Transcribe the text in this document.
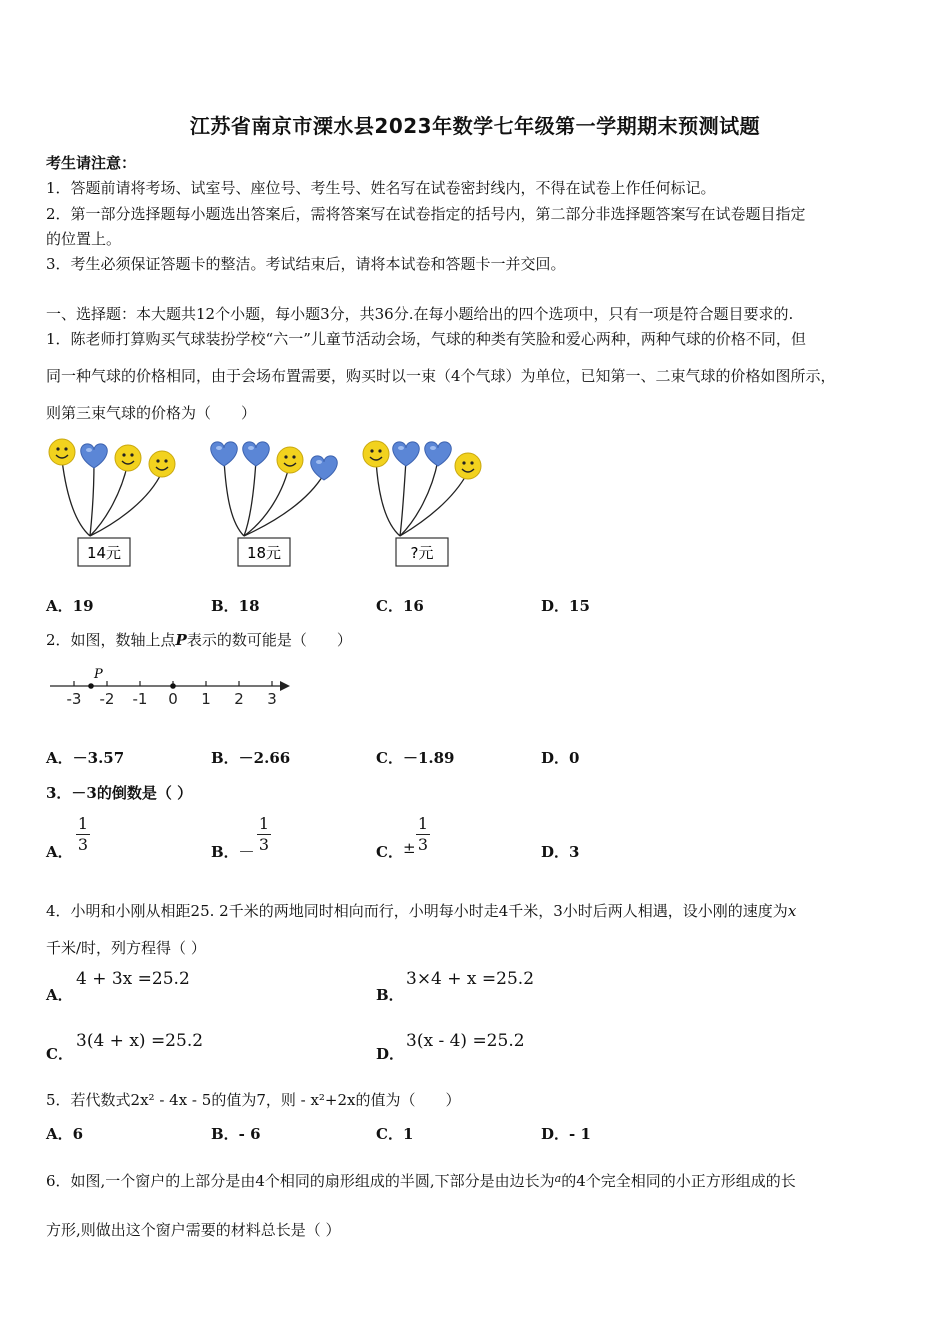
江苏省南京市溧水县2023年数学七年级第一学期期末预测试题
考生请注意：
1．答题前请将考场、试室号、座位号、考生号、姓名写在试卷密封线内，不得在试卷上作任何标记。
2．第一部分选择题每小题选出答案后，需将答案写在试卷指定的括号内，第二部分非选择题答案写在试卷题目指定
的位置上。
3．考生必须保证答题卡的整洁。考试结束后，请将本试卷和答题卡一并交回。
一、选择题：本大题共12个小题，每小题3分，共36分.在每小题给出的四个选项中，只有一项是符合题目要求的.
1．陈老师打算购买气球装扮学校“六一”儿童节活动会场，气球的种类有笑脸和爱心两种，两种气球的价格不同，但
同一种气球的价格相同，由于会场布置需要，购买时以一束（4个气球）为单位，已知第一、二束气球的价格如图所示，
则第三束气球的价格为（　　）
14元	18元	?元
A．19	B．18	C．16	D．15
2．如图，数轴上点P表示的数可能是（　　）
P
-3 -2 -1 0 1 2 3
A．－3.57	B．－2.66	C．－1.89	D．0
3．－3的倒数是（ ）
A．
1
3	B． －
1
3	C． ±
1
3	D．3
4．小明和小刚从相距25. 2千米的两地同时相向而行，小明每小时走4千米，3小时后两人相遇，设小刚的速度为x
千米/时，列方程得（ ）
A．
4 + 3x =25.2
B．
3×4 + x =25.2
C．
3(4 + x) =25.2
D．
3(x - 4) =25.2
5．若代数式2x² - 4x - 5的值为7，则 - x²+2x的值为（　　）
A．6	B．- 6	C．1	D．- 1
6．如图,一个窗户的上部分是由4个相同的扇形组成的半圆,下部分是由边长为$^a$的4个完全相同的小正方形组成的长
方形,则做出这个窗户需要的材料总长是（ ）
